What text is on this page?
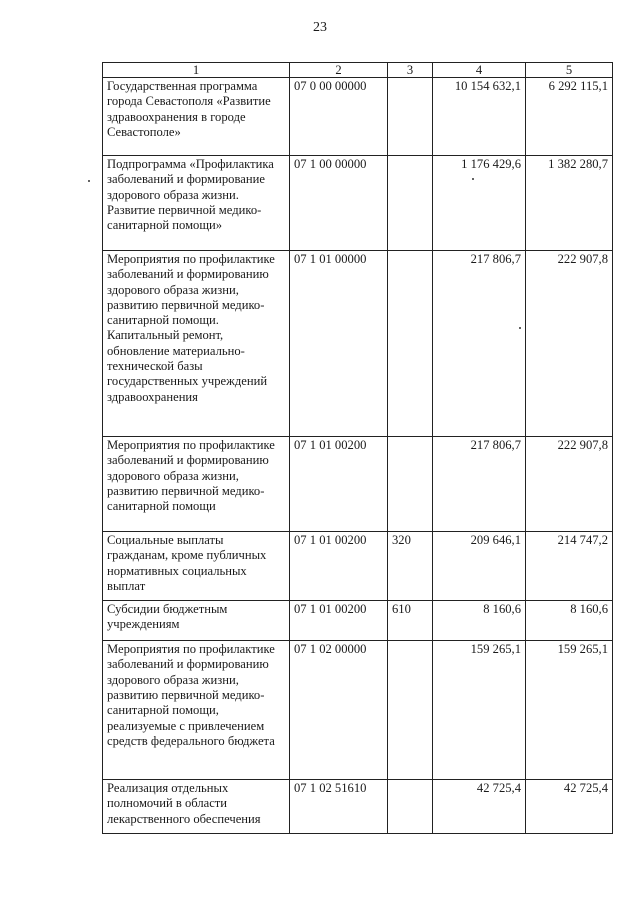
23
1	2	3	4	5
Государственная программа города Севастополя «Развитие здравоохранения в городе Севастополе»	07 0 00 00000		10 154 632,1	6 292 115,1
Подпрограмма «Профилактика заболеваний и формирование здорового образа жизни. Развитие первичной медико-санитарной помощи»	07 1 00 00000		1 176 429,6	1 382 280,7
Мероприятия по профилактике заболеваний и формированию здорового образа жизни, развитию первичной медико-санитарной помощи. Капитальный ремонт, обновление материально-технической базы государственных учреждений здравоохранения	07 1 01 00000		217 806,7	222 907,8
Мероприятия по профилактике заболеваний и формированию здорового образа жизни, развитию первичной медико-санитарной помощи	07 1 01 00200		217 806,7	222 907,8
Социальные выплаты гражданам, кроме публичных нормативных социальных выплат	07 1 01 00200	320	209 646,1	214 747,2
Субсидии бюджетным учреждениям	07 1 01 00200	610	8 160,6	8 160,6
Мероприятия по профилактике заболеваний и формированию здорового образа жизни, развитию первичной медико-санитарной помощи, реализуемые с привлечением средств федерального бюджета	07 1 02 00000		159 265,1	159 265,1
Реализация отдельных полномочий в области лекарственного обеспечения	07 1 02 51610		42 725,4	42 725,4
